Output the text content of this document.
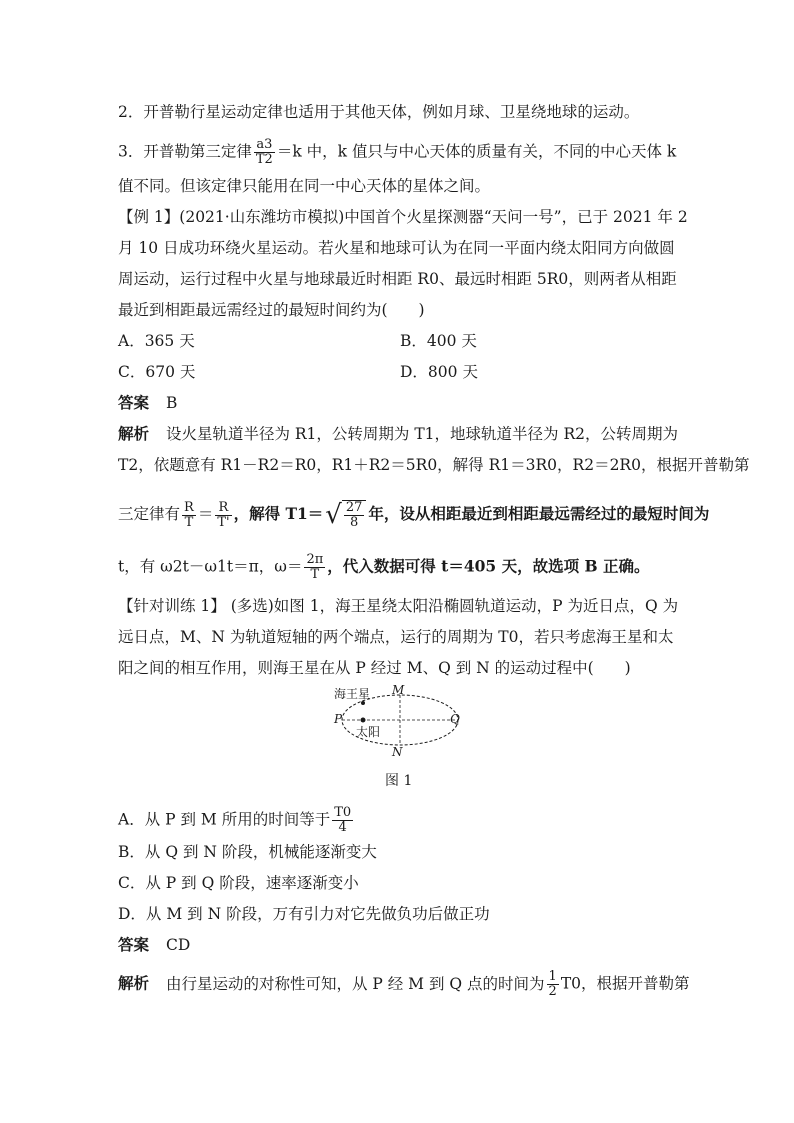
2．开普勒行星运动定律也适用于其他天体，例如月球、卫星绕地球的运动。
3．开普勒第三定律 $\frac{a3}{T2} =k$ 中，k 值只与中心天体的质量有关，不同的中心天体 k
值不同。但该定律只能用在同一中心天体的星体之间。
【例 1】(2021·山东潍坊市模拟)中国首个火星探测器“天问一号”，已于 2021 年 2
月 10 日成功环绕火星运动。若火星和地球可认为在同一平面内绕太阳同方向做圆
周运动，运行过程中火星与地球最近时相距 R0、最远时相距 5R0，则两者从相距
最近到相距最远需经过的最短时间约为(　　)
A．365 天	B．400 天
C．670 天	D．800 天
答案 B
解析 设火星轨道半径为 R1，公转周期为 T1，地球轨道半径为 R2，公转周期为
T2，依题意有 R1－R2＝R0，R1＋R2＝5R0，解得 R1＝3R0，R2＝2R0，根据开普勒第
三定律有 $\frac{R}{T} = \frac{R}{T'}$ ，解得 $T1=√ \frac{27}{8}$ 年，设从相距最近到相距最远需经过的最短时间为
t，有 ω2t－ω1t＝π，$\omega= \frac{2\pi}{T}$ ，代入数据可得 t＝405 天，故选项 B 正确。
【针对训练 1】 (多选)如图 1，海王星绕太阳沿椭圆轨道运动，P 为近日点，Q 为
远日点，M、N 为轨道短轴的两个端点，运行的周期为 T0，若只考虑海王星和太
阳之间的相互作用，则海王星在从 P 经过 M、Q 到 N 的运动过程中(　　)
海王星 M
P
太阳
Q
N
图 1
A．从 P 到 M 所用的时间等于 $\frac{T0}{4}$
B．从 Q 到 N 阶段，机械能逐渐变大
C．从 P 到 Q 阶段，速率逐渐变小
D．从 M 到 N 阶段，万有引力对它先做负功后做正功
答案 CD
解析 由行星运动的对称性可知，从 P 经 M 到 Q 点的时间为 $\frac{1}{2} T0$，根据开普勒第
